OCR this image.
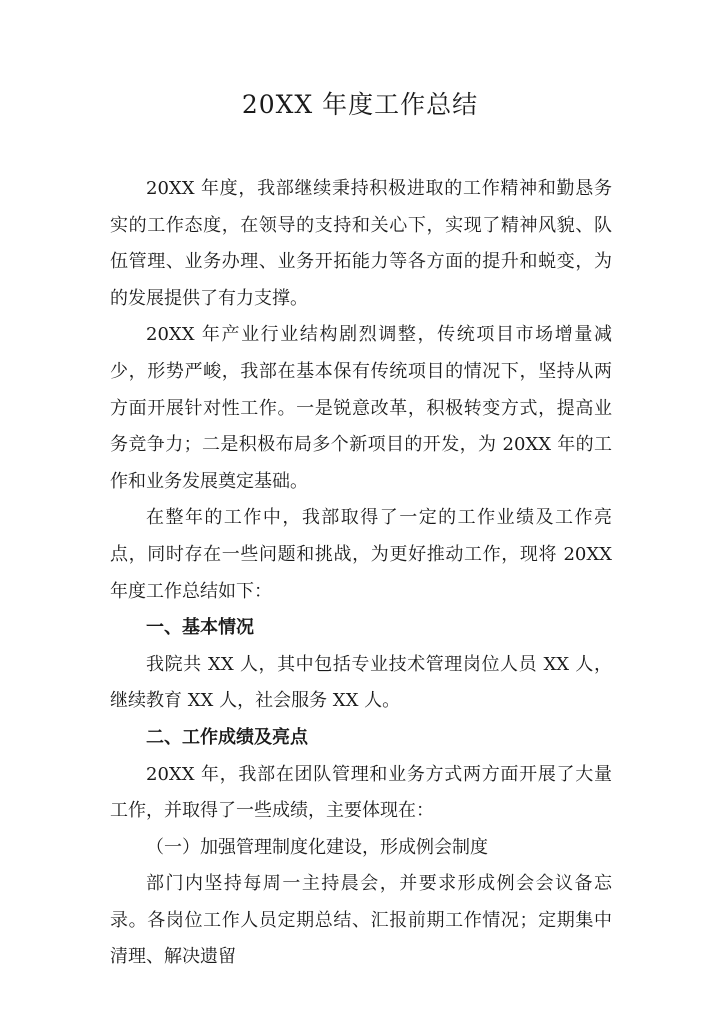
20XX 年度工作总结

20XX 年度，我部继续秉持积极进取的工作精神和勤恳务实的工作态度，在领导的支持和关心下，实现了精神风貌、队伍管理、业务办理、业务开拓能力等各方面的提升和蜕变，为的发展提供了有力支撑。

20XX 年产业行业结构剧烈调整，传统项目市场增量减少，形势严峻，我部在基本保有传统项目的情况下，坚持从两方面开展针对性工作。一是锐意改革，积极转变方式，提高业务竞争力；二是积极布局多个新项目的开发，为 20XX 年的工作和业务发展奠定基础。

在整年的工作中，我部取得了一定的工作业绩及工作亮点，同时存在一些问题和挑战，为更好推动工作，现将 20XX 年度工作总结如下：

一、基本情况

我院共 XX 人，其中包括专业技术管理岗位人员 XX 人，继续教育 XX 人，社会服务 XX 人。

二、工作成绩及亮点

20XX 年，我部在团队管理和业务方式两方面开展了大量工作，并取得了一些成绩，主要体现在：

（一）加强管理制度化建设，形成例会制度

部门内坚持每周一主持晨会，并要求形成例会会议备忘录。各岗位工作人员定期总结、汇报前期工作情况；定期集中清理、解决遗留
